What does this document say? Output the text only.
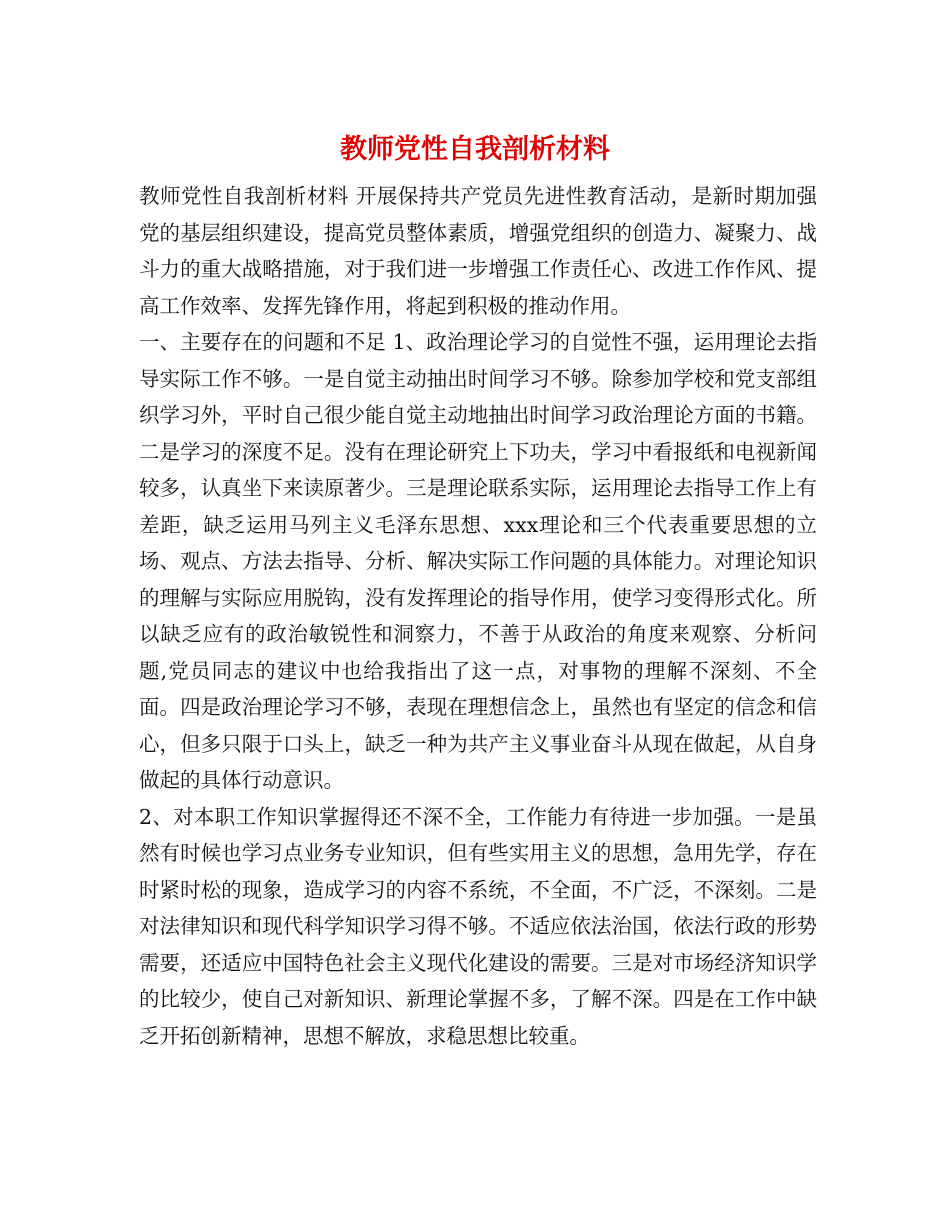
教师党性自我剖析材料

教师党性自我剖析材料 开展保持共产党员先进性教育活动，是新时期加强党的基层组织建设，提高党员整体素质，增强党组织的创造力、凝聚力、战斗力的重大战略措施，对于我们进一步增强工作责任心、改进工作作风、提高工作效率、发挥先锋作用，将起到积极的推动作用。

一、主要存在的问题和不足 1、政治理论学习的自觉性不强，运用理论去指导实际工作不够。一是自觉主动抽出时间学习不够。除参加学校和党支部组织学习外，平时自己很少能自觉主动地抽出时间学习政治理论方面的书籍。二是学习的深度不足。没有在理论研究上下功夫，学习中看报纸和电视新闻较多，认真坐下来读原著少。三是理论联系实际，运用理论去指导工作上有差距，缺乏运用马列主义毛泽东思想、xxx理论和三个代表重要思想的立场、观点、方法去指导、分析、解决实际工作问题的具体能力。对理论知识的理解与实际应用脱钩，没有发挥理论的指导作用，使学习变得形式化。所以缺乏应有的政治敏锐性和洞察力，不善于从政治的角度来观察、分析问题,党员同志的建议中也给我指出了这一点，对事物的理解不深刻、不全面。四是政治理论学习不够，表现在理想信念上，虽然也有坚定的信念和信心，但多只限于口头上，缺乏一种为共产主义事业奋斗从现在做起，从自身做起的具体行动意识。

2、对本职工作知识掌握得还不深不全，工作能力有待进一步加强。一是虽然有时候也学习点业务专业知识，但有些实用主义的思想，急用先学，存在时紧时松的现象，造成学习的内容不系统，不全面，不广泛，不深刻。二是对法律知识和现代科学知识学习得不够。不适应依法治国，依法行政的形势需要，还适应中国特色社会主义现代化建设的需要。三是对市场经济知识学的比较少，使自己对新知识、新理论掌握不多，了解不深。四是在工作中缺乏开拓创新精神，思想不解放，求稳思想比较重。
